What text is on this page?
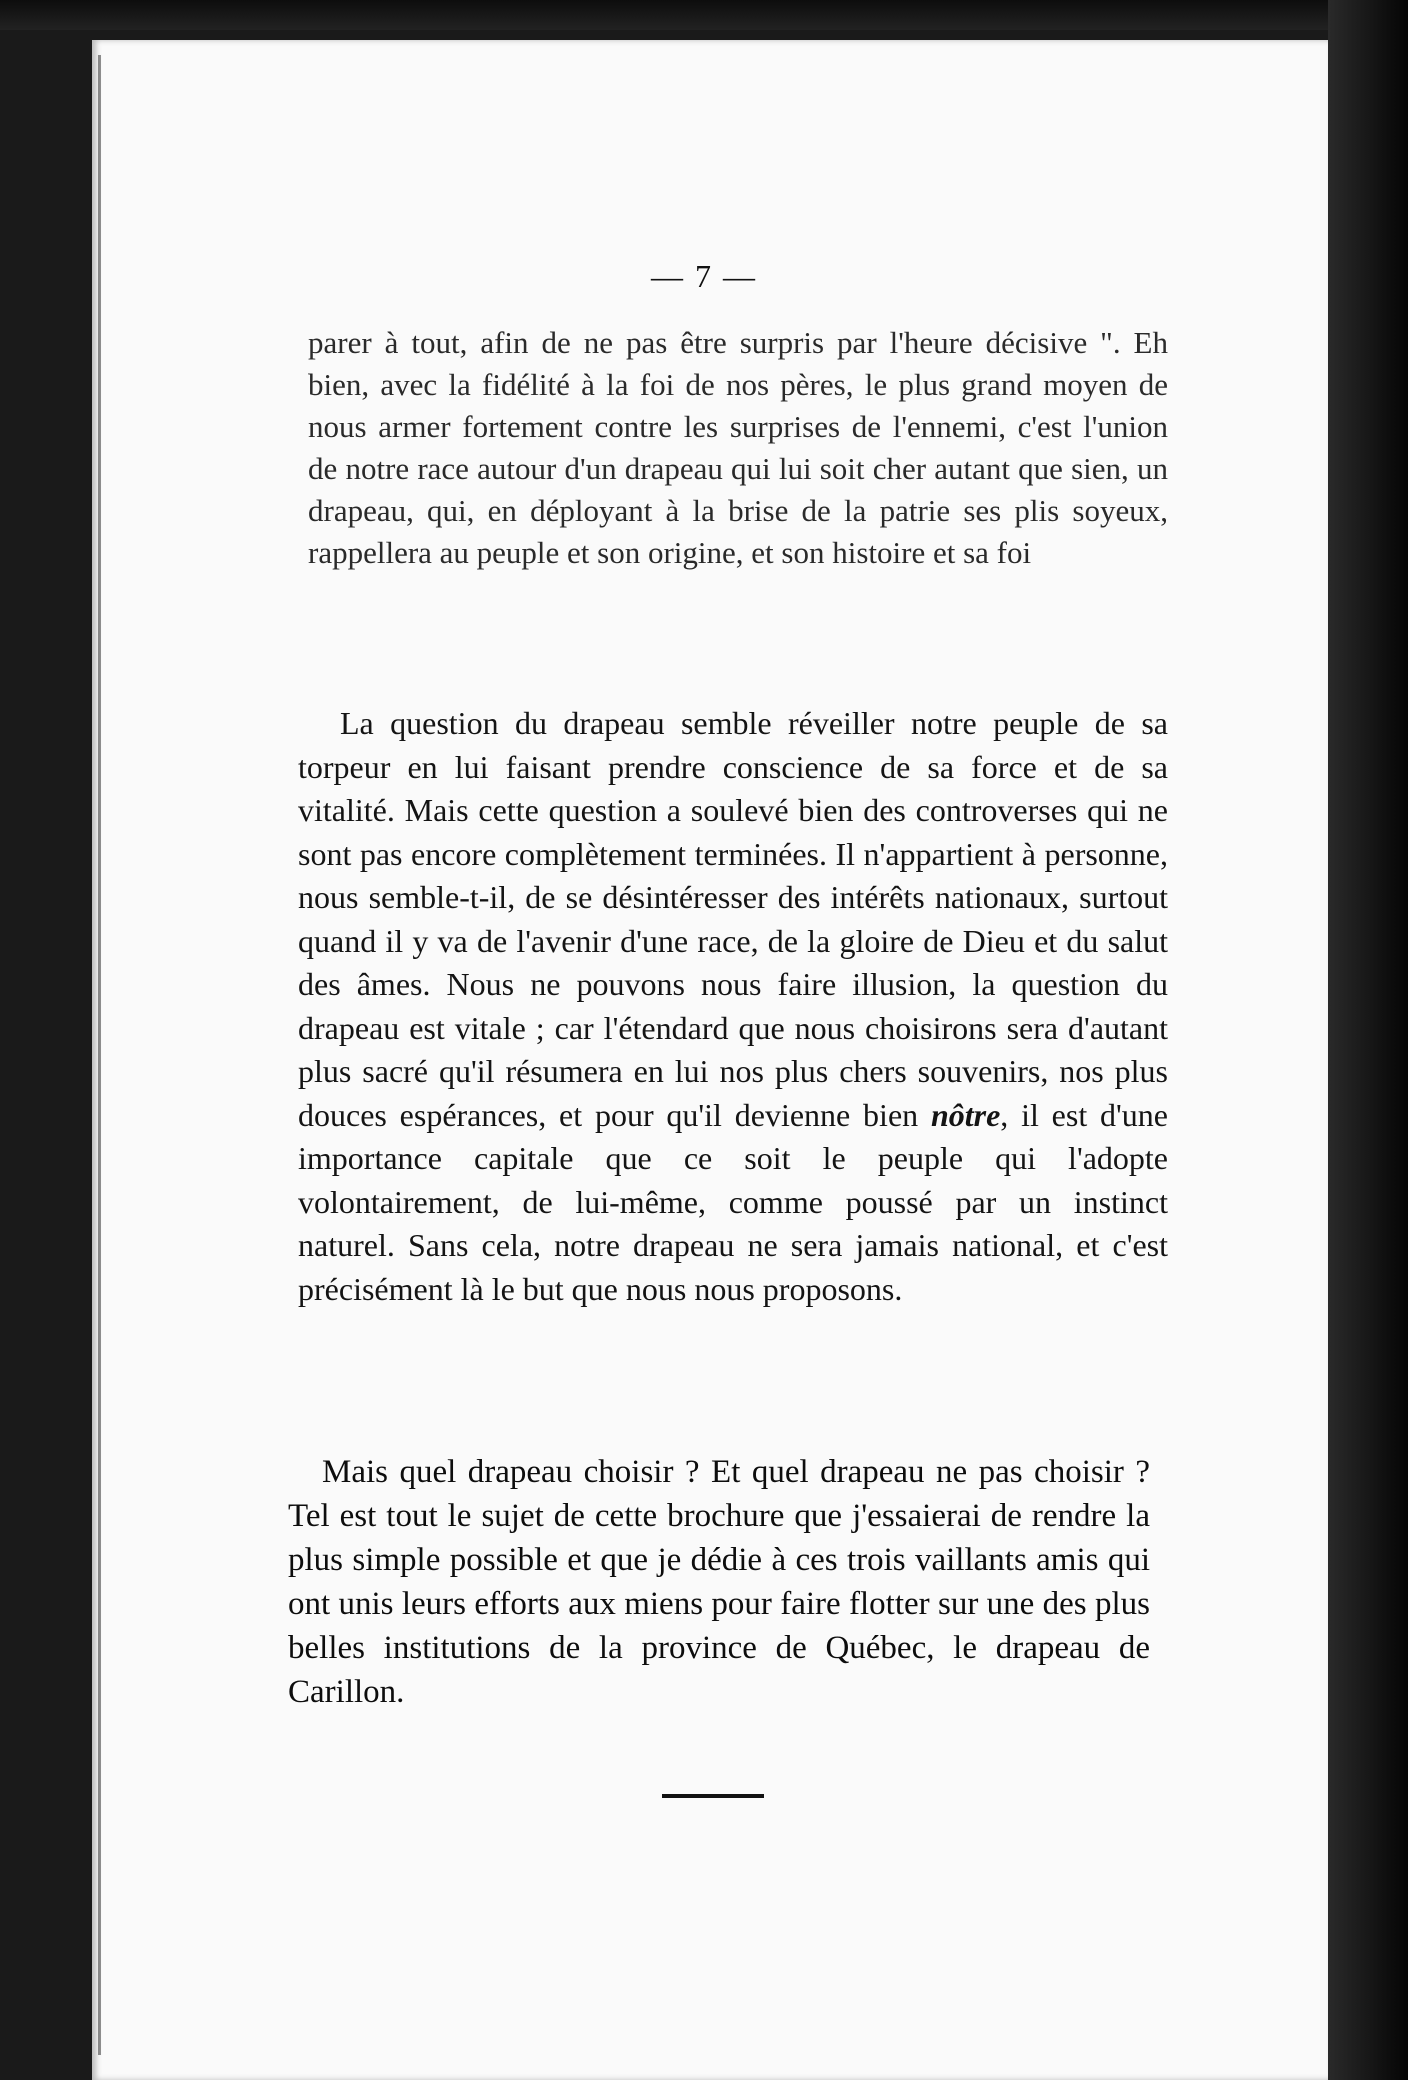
— 7 —
parer à tout, afin de ne pas être surpris par l'heure décisive ". Eh bien, avec la fidélité à la foi de nos pères, le plus grand moyen de nous armer fortement contre les surprises de l'ennemi, c'est l'union de notre race autour d'un drapeau qui lui soit cher autant que sien, un drapeau, qui, en déployant à la brise de la patrie ses plis soyeux, rappellera au peuple et son origine, et son histoire et sa foi
La question du drapeau semble réveiller notre peuple de sa torpeur en lui faisant prendre conscience de sa force et de sa vitalité. Mais cette question a soulevé bien des controverses qui ne sont pas encore complètement terminées. Il n'appartient à personne, nous semble-t-il, de se désintéresser des intérêts nationaux, surtout quand il y va de l'avenir d'une race, de la gloire de Dieu et du salut des âmes. Nous ne pouvons nous faire illusion, la question du drapeau est vitale ; car l'étendard que nous choisirons sera d'autant plus sacré qu'il résumera en lui nos plus chers souvenirs, nos plus douces espérances, et pour qu'il devienne bien nôtre, il est d'une importance capitale que ce soit le peuple qui l'adopte volontairement, de lui-même, comme poussé par un instinct naturel. Sans cela, notre drapeau ne sera jamais national, et c'est précisément là le but que nous nous proposons.
Mais quel drapeau choisir ? Et quel drapeau ne pas choisir ? Tel est tout le sujet de cette brochure que j'essaierai de rendre la plus simple possible et que je dédie à ces trois vaillants amis qui ont unis leurs efforts aux miens pour faire flotter sur une des plus belles institutions de la province de Québec, le drapeau de Carillon.
